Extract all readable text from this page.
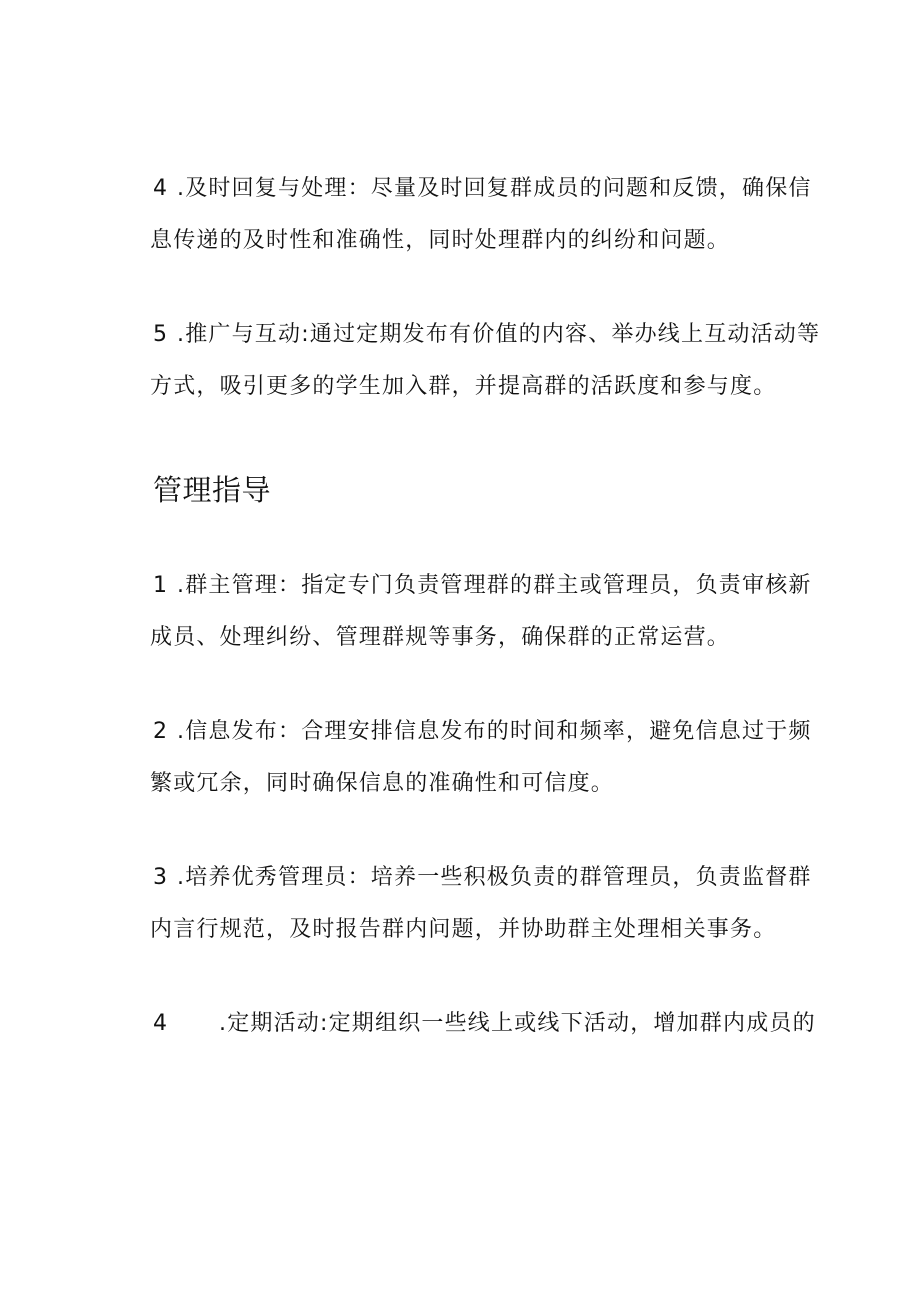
4 .及时回复与处理：尽量及时回复群成员的问题和反馈，确保信
息传递的及时性和准确性，同时处理群内的纠纷和问题。

5 .推广与互动:通过定期发布有价值的内容、举办线上互动活动等
方式，吸引更多的学生加入群，并提高群的活跃度和参与度。

管理指导

1 .群主管理：指定专门负责管理群的群主或管理员，负责审核新
成员、处理纠纷、管理群规等事务，确保群的正常运营。

2 .信息发布：合理安排信息发布的时间和频率，避免信息过于频
繁或冗余，同时确保信息的准确性和可信度。

3 .培养优秀管理员：培养一些积极负责的群管理员，负责监督群
内言行规范，及时报告群内问题，并协助群主处理相关事务。

4 .定期活动:定期组织一些线上或线下活动，增加群内成员的
